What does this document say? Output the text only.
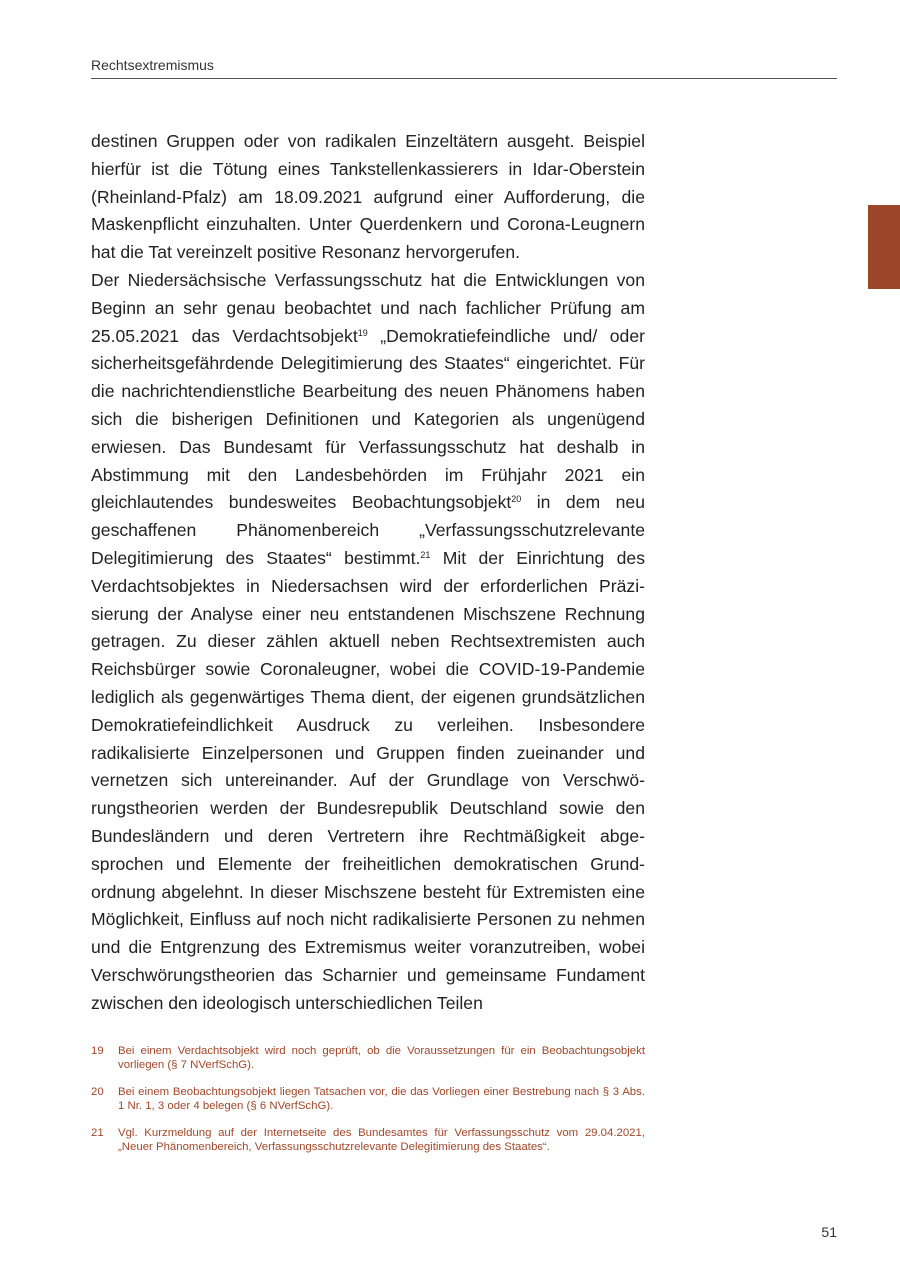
Rechtsextremismus

destinen Gruppen oder von radikalen Einzeltätern ausgeht. Beispiel hierfür ist die Tötung eines Tankstellenkassierers in Idar-Oberstein (Rheinland-Pfalz) am 18.09.2021 aufgrund einer Aufforderung, die Maskenpflicht einzuhalten. Unter Querdenkern und Corona-Leugnern hat die Tat vereinzelt positive Resonanz hervorgerufen.

Der Niedersächsische Verfassungsschutz hat die Entwicklungen von Beginn an sehr genau beobachtet und nach fachlicher Prüfung am 25.05.2021 das Verdachtsobjekt$^{19}$ „Demokratiefeindliche und/ oder sicherheitsgefährdende Delegitimierung des Staates“ eingerichtet. Für die nachrichtendienstliche Bearbeitung des neuen Phänomens haben sich die bisherigen Definitionen und Kategorien als ungenügend erwiesen. Das Bundesamt für Verfassungsschutz hat deshalb in Abstimmung mit den Landesbehörden im Frühjahr 2021 ein gleichlautendes bundesweites Beobachtungsobjekt$^{20}$ in dem neu geschaffenen Phänomenbereich „Verfassungsschutzrelevante Delegitimierung des Staates“ bestimmt.$^{21}$ Mit der Einrichtung des Verdachtsobjektes in Niedersachsen wird der erforderlichen Präzisierung der Analyse einer neu entstandenen Mischszene Rechnung getragen. Zu dieser zählen aktuell neben Rechtsextremisten auch Reichsbürger sowie Coronaleugner, wobei die COVID-19-Pandemie lediglich als gegenwärtiges Thema dient, der eigenen grundsätzlichen Demokratiefeindlichkeit Ausdruck zu verleihen. Insbesondere radikalisierte Einzelpersonen und Gruppen finden zueinander und vernetzen sich untereinander. Auf der Grundlage von Verschwörungstheorien werden der Bundesrepublik Deutschland sowie den Bundesländern und deren Vertretern ihre Rechtmäßigkeit abgesprochen und Elemente der freiheitlichen demokratischen Grundordnung abgelehnt. In dieser Mischszene besteht für Extremisten eine Möglichkeit, Einfluss auf noch nicht radikalisierte Personen zu nehmen und die Entgrenzung des Extremismus weiter voranzutreiben, wobei Verschwörungstheorien das Scharnier und gemeinsame Fundament zwischen den ideologisch unterschiedlichen Teilen

19	Bei einem Verdachtsobjekt wird noch geprüft, ob die Voraussetzungen für ein Beobachtungsobjekt vorliegen (§ 7 NVerfSchG).
20	Bei einem Beobachtungsobjekt liegen Tatsachen vor, die das Vorliegen einer Bestrebung nach § 3 Abs. 1 Nr. 1, 3 oder 4 belegen (§ 6 NVerfSchG).
21	Vgl. Kurzmeldung auf der Internetseite des Bundesamtes für Verfassungsschutz vom 29.04.2021, „Neuer Phänomenbereich, Verfassungsschutzrelevante Delegitimierung des Staates“.
51
